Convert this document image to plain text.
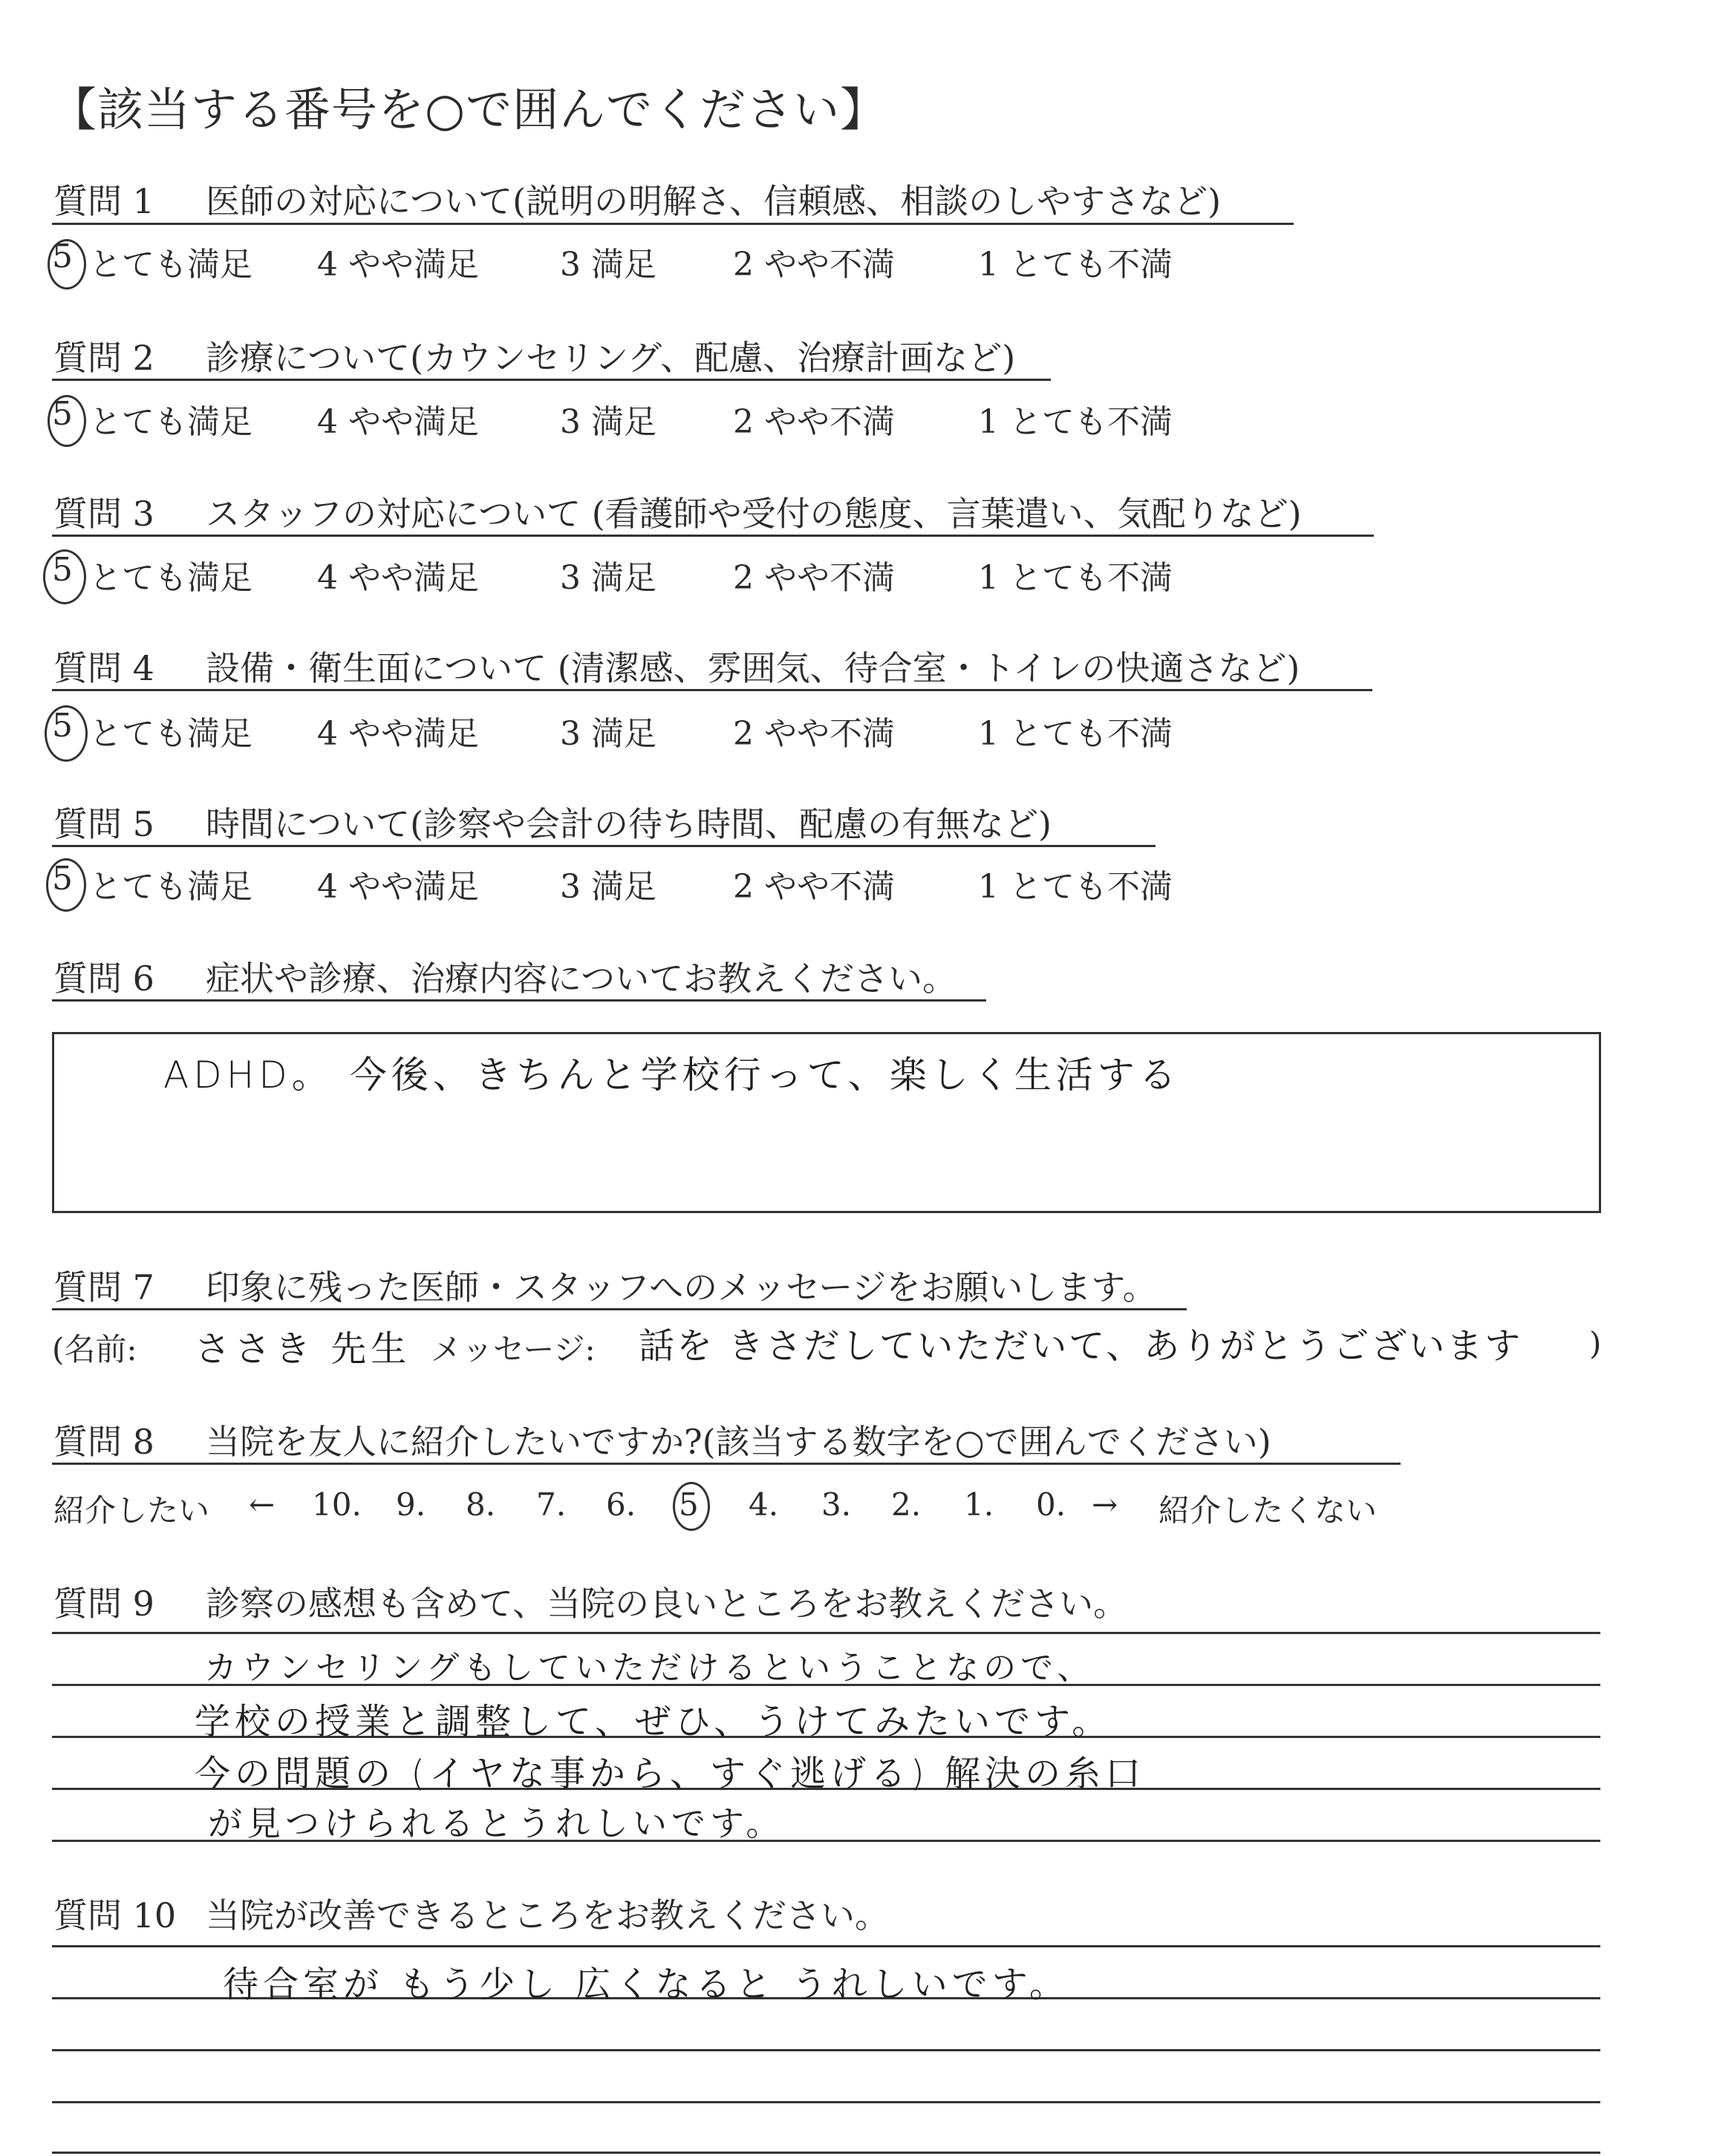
【該当する番号を○で囲んでください】
質問 1 医師の対応について(説明の明解さ、信頼感、相談のしやすさなど)
5 とても満足 4 やや満足 3 満足 2 やや不満	1 とても不満
質問 2 診療について(カウンセリング、配慮、治療計画など)
5 とても満足 4 やや満足 3 満足 2 やや不満	1 とても不満
質問 3 スタッフの対応について (看護師や受付の態度、言葉遣い、気配りなど)
5 とても満足 4 やや満足 3 満足 2 やや不満	1 とても不満
質問 4 設備・衛生面について (清潔感、雰囲気、待合室・トイレの快適さなど)
5 とても満足 4 やや満足 3 満足 2 やや不満	1 とても不満
質問 5 時間について(診察や会計の待ち時間、配慮の有無など)
5 とても満足 4 やや満足 3 満足 2 やや不満	1 とても不満
質問 6 症状や診療、治療内容についてお教えください。
ADHD。 今後、きちんと学校行って、楽しく生活する
質問 7 印象に残った医師・スタッフへのメッセージをお願いします。
(名前: ささき 先生 メッセージ: 話を きさだしていただいて、ありがとうございます )
質問 8 当院を友人に紹介したいですか?(該当する数字を○で囲んでください)
紹介したい ← 10. 9. 8. 7. 6. 5 4. 3. 2. 1. 0. → 紹介したくない
質問 9 診察の感想も含めて、当院の良いところをお教えください。
カウンセリングもしていただけるということなので、
学校の授業と調整して、ぜひ、うけてみたいです。
今の問題の (イヤな事から、すぐ逃げる) 解決の糸口
が見つけられるとうれしいです。
質問 10 当院が改善できるところをお教えください。
待合室が もう少し 広くなると うれしいです。
